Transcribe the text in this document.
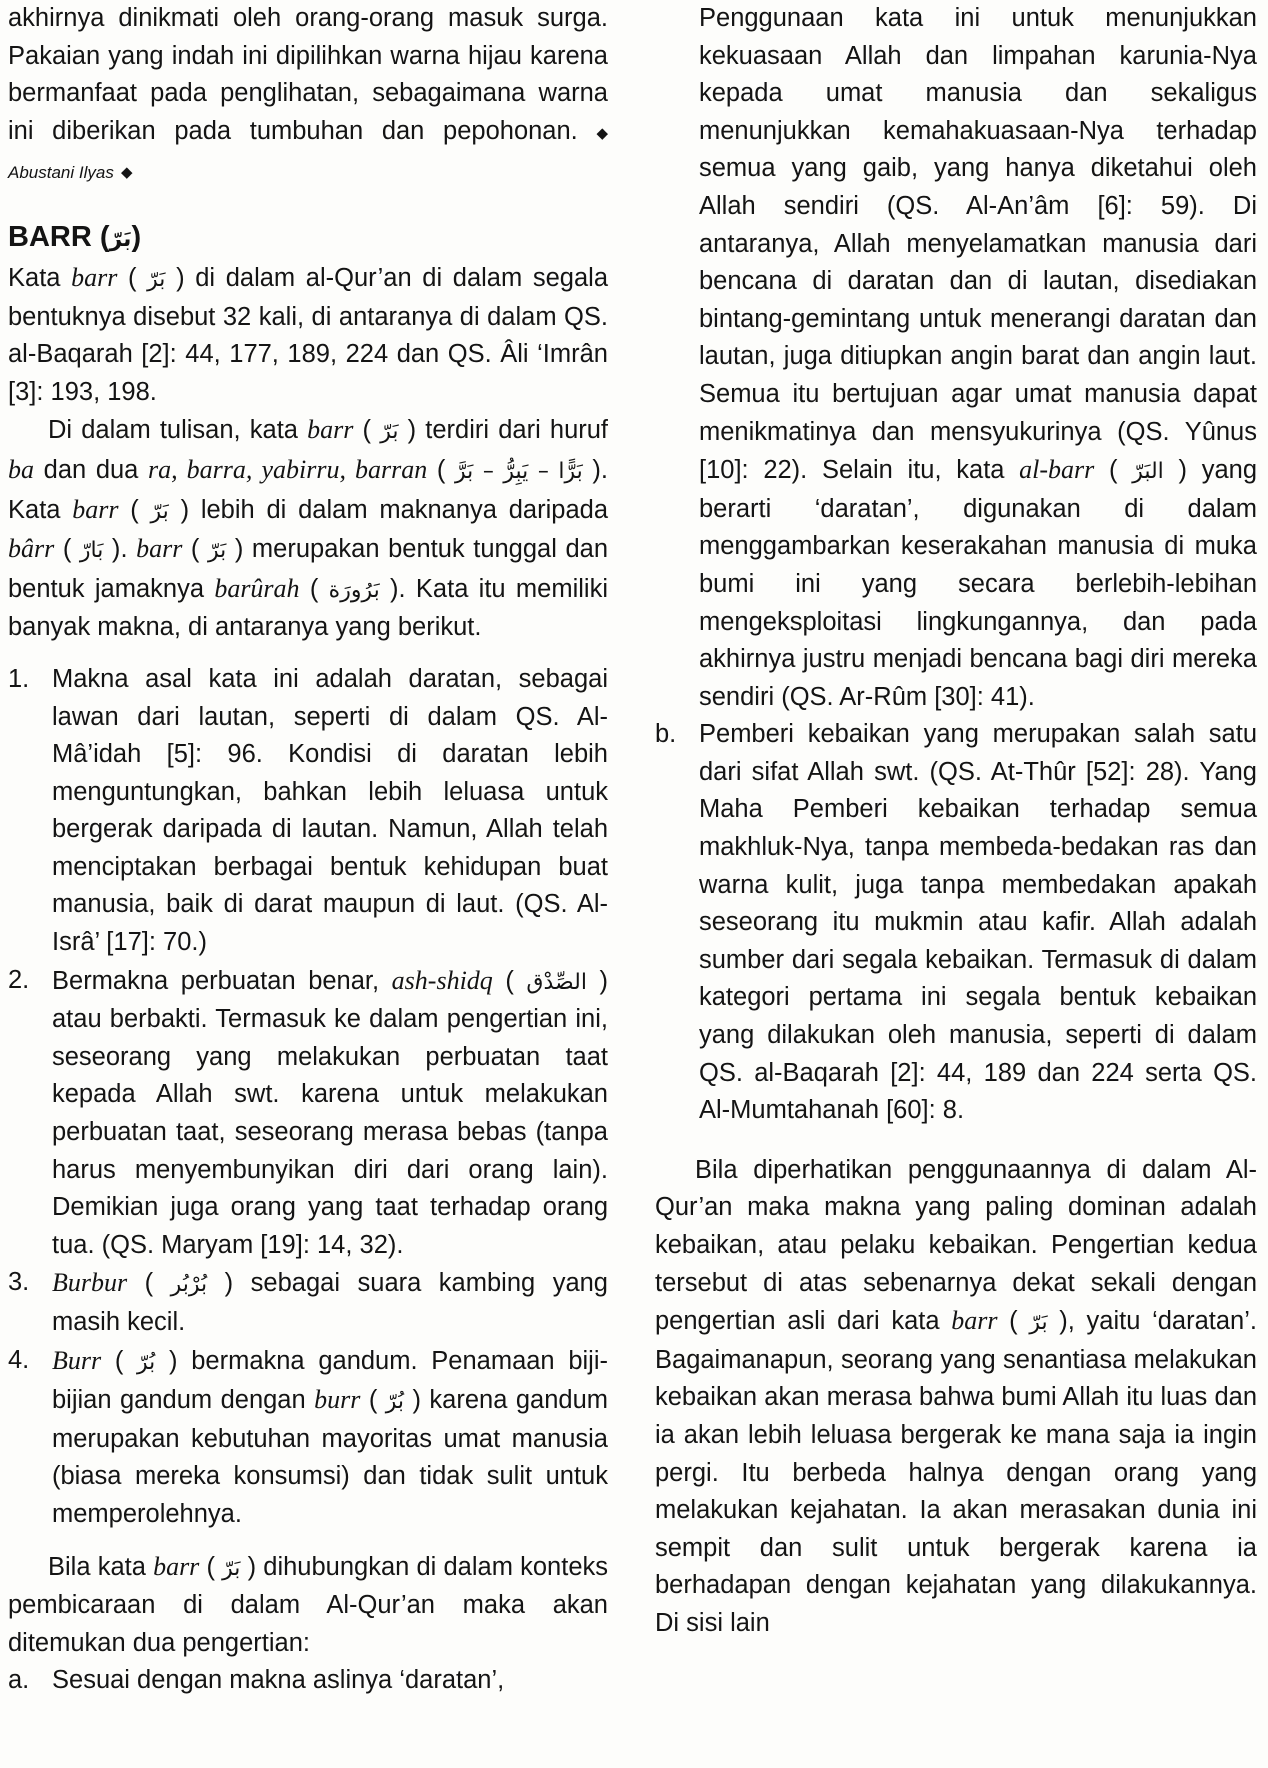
akhirnya dinikmati oleh orang-orang masuk surga. Pakaian yang indah ini dipilihkan warna hijau karena bermanfaat pada penglihatan, sebagaimana warna ini diberikan pada tumbuhan dan pepohonan. ◆ Abustani Ilyas ◆

BARR (بَرّ)

Kata barr ( بَرّ ) di dalam al-Qur’an di dalam segala bentuknya disebut 32 kali, di antaranya di dalam QS. al-Baqarah [2]: 44, 177, 189, 224 dan QS. Âli ‘Imrân [3]: 193, 198.

Di dalam tulisan, kata barr ( بَرّ ) terdiri dari huruf ba dan dua ra, barra, yabirru, barran ( بَرًّا – يَبِرُّ – بَرَّ ). Kata barr ( بَرّ ) lebih di dalam maknanya daripada bârr ( بَارّ ). barr ( بَرّ ) merupakan bentuk tunggal dan bentuk jamaknya barûrah ( بَرُورَة ). Kata itu memiliki banyak makna, di antaranya yang berikut.

1. Makna asal kata ini adalah daratan, sebagai lawan dari lautan, seperti di dalam QS. Al-Mâ’idah [5]: 96. Kondisi di daratan lebih menguntungkan, bahkan lebih leluasa untuk bergerak daripada di lautan. Namun, Allah telah menciptakan berbagai bentuk kehidupan buat manusia, baik di darat maupun di laut. (QS. Al-Isrâ’ [17]: 70.)
2. Bermakna perbuatan benar, ash-shidq ( الصِّدْق ) atau berbakti. Termasuk ke dalam pengertian ini, seseorang yang melakukan perbuatan taat kepada Allah swt. karena untuk melakukan perbuatan taat, seseorang merasa bebas (tanpa harus menyembunyikan diri dari orang lain). Demikian juga orang yang taat terhadap orang tua. (QS. Maryam [19]: 14, 32).
3. Burbur ( بُرْبُر ) sebagai suara kambing yang masih kecil.
4. Burr ( بُرّ ) bermakna gandum. Penamaan biji-bijian gandum dengan burr ( بُرّ ) karena gandum merupakan kebutuhan mayoritas umat manusia (biasa mereka konsumsi) dan tidak sulit untuk memperolehnya.

Bila kata barr ( بَرّ ) dihubungkan di dalam konteks pembicaraan di dalam Al-Qur’an maka akan ditemukan dua pengertian:

a. Sesuai dengan makna aslinya ‘daratan’,
Penggunaan kata ini untuk menunjukkan kekuasaan Allah dan limpahan karunia-Nya kepada umat manusia dan sekaligus menunjukkan kemahakuasaan-Nya terhadap semua yang gaib, yang hanya diketahui oleh Allah sendiri (QS. Al-An’âm [6]: 59). Di antaranya, Allah menyelamatkan manusia dari bencana di daratan dan di lautan, disediakan bintang-gemintang untuk menerangi daratan dan lautan, juga ditiupkan angin barat dan angin laut. Semua itu bertujuan agar umat manusia dapat menikmatinya dan mensyukurinya (QS. Yûnus [10]: 22). Selain itu, kata al-barr ( البَرّ ) yang berarti ‘daratan’, digunakan di dalam menggambarkan keserakahan manusia di muka bumi ini yang secara berlebih-lebihan mengeksploitasi lingkungannya, dan pada akhirnya justru menjadi bencana bagi diri mereka sendiri (QS. Ar-Rûm [30]: 41).
b. Pemberi kebaikan yang merupakan salah satu dari sifat Allah swt. (QS. At-Thûr [52]: 28). Yang Maha Pemberi kebaikan terhadap semua makhluk-Nya, tanpa membeda-bedakan ras dan warna kulit, juga tanpa membedakan apakah seseorang itu mukmin atau kafir. Allah adalah sumber dari segala kebaikan. Termasuk di dalam kategori pertama ini segala bentuk kebaikan yang dilakukan oleh manusia, seperti di dalam QS. al-Baqarah [2]: 44, 189 dan 224 serta QS. Al-Mumtahanah [60]: 8.

Bila diperhatikan penggunaannya di dalam Al-Qur’an maka makna yang paling dominan adalah kebaikan, atau pelaku kebaikan. Pengertian kedua tersebut di atas sebenarnya dekat sekali dengan pengertian asli dari kata barr ( بَرّ ), yaitu ‘daratan’. Bagaimanapun, seorang yang senantiasa melakukan kebaikan akan merasa bahwa bumi Allah itu luas dan ia akan lebih leluasa bergerak ke mana saja ia ingin pergi. Itu berbeda halnya dengan orang yang melakukan kejahatan. Ia akan merasakan dunia ini sempit dan sulit untuk bergerak karena ia berhadapan dengan kejahatan yang dilakukannya. Di sisi lain
